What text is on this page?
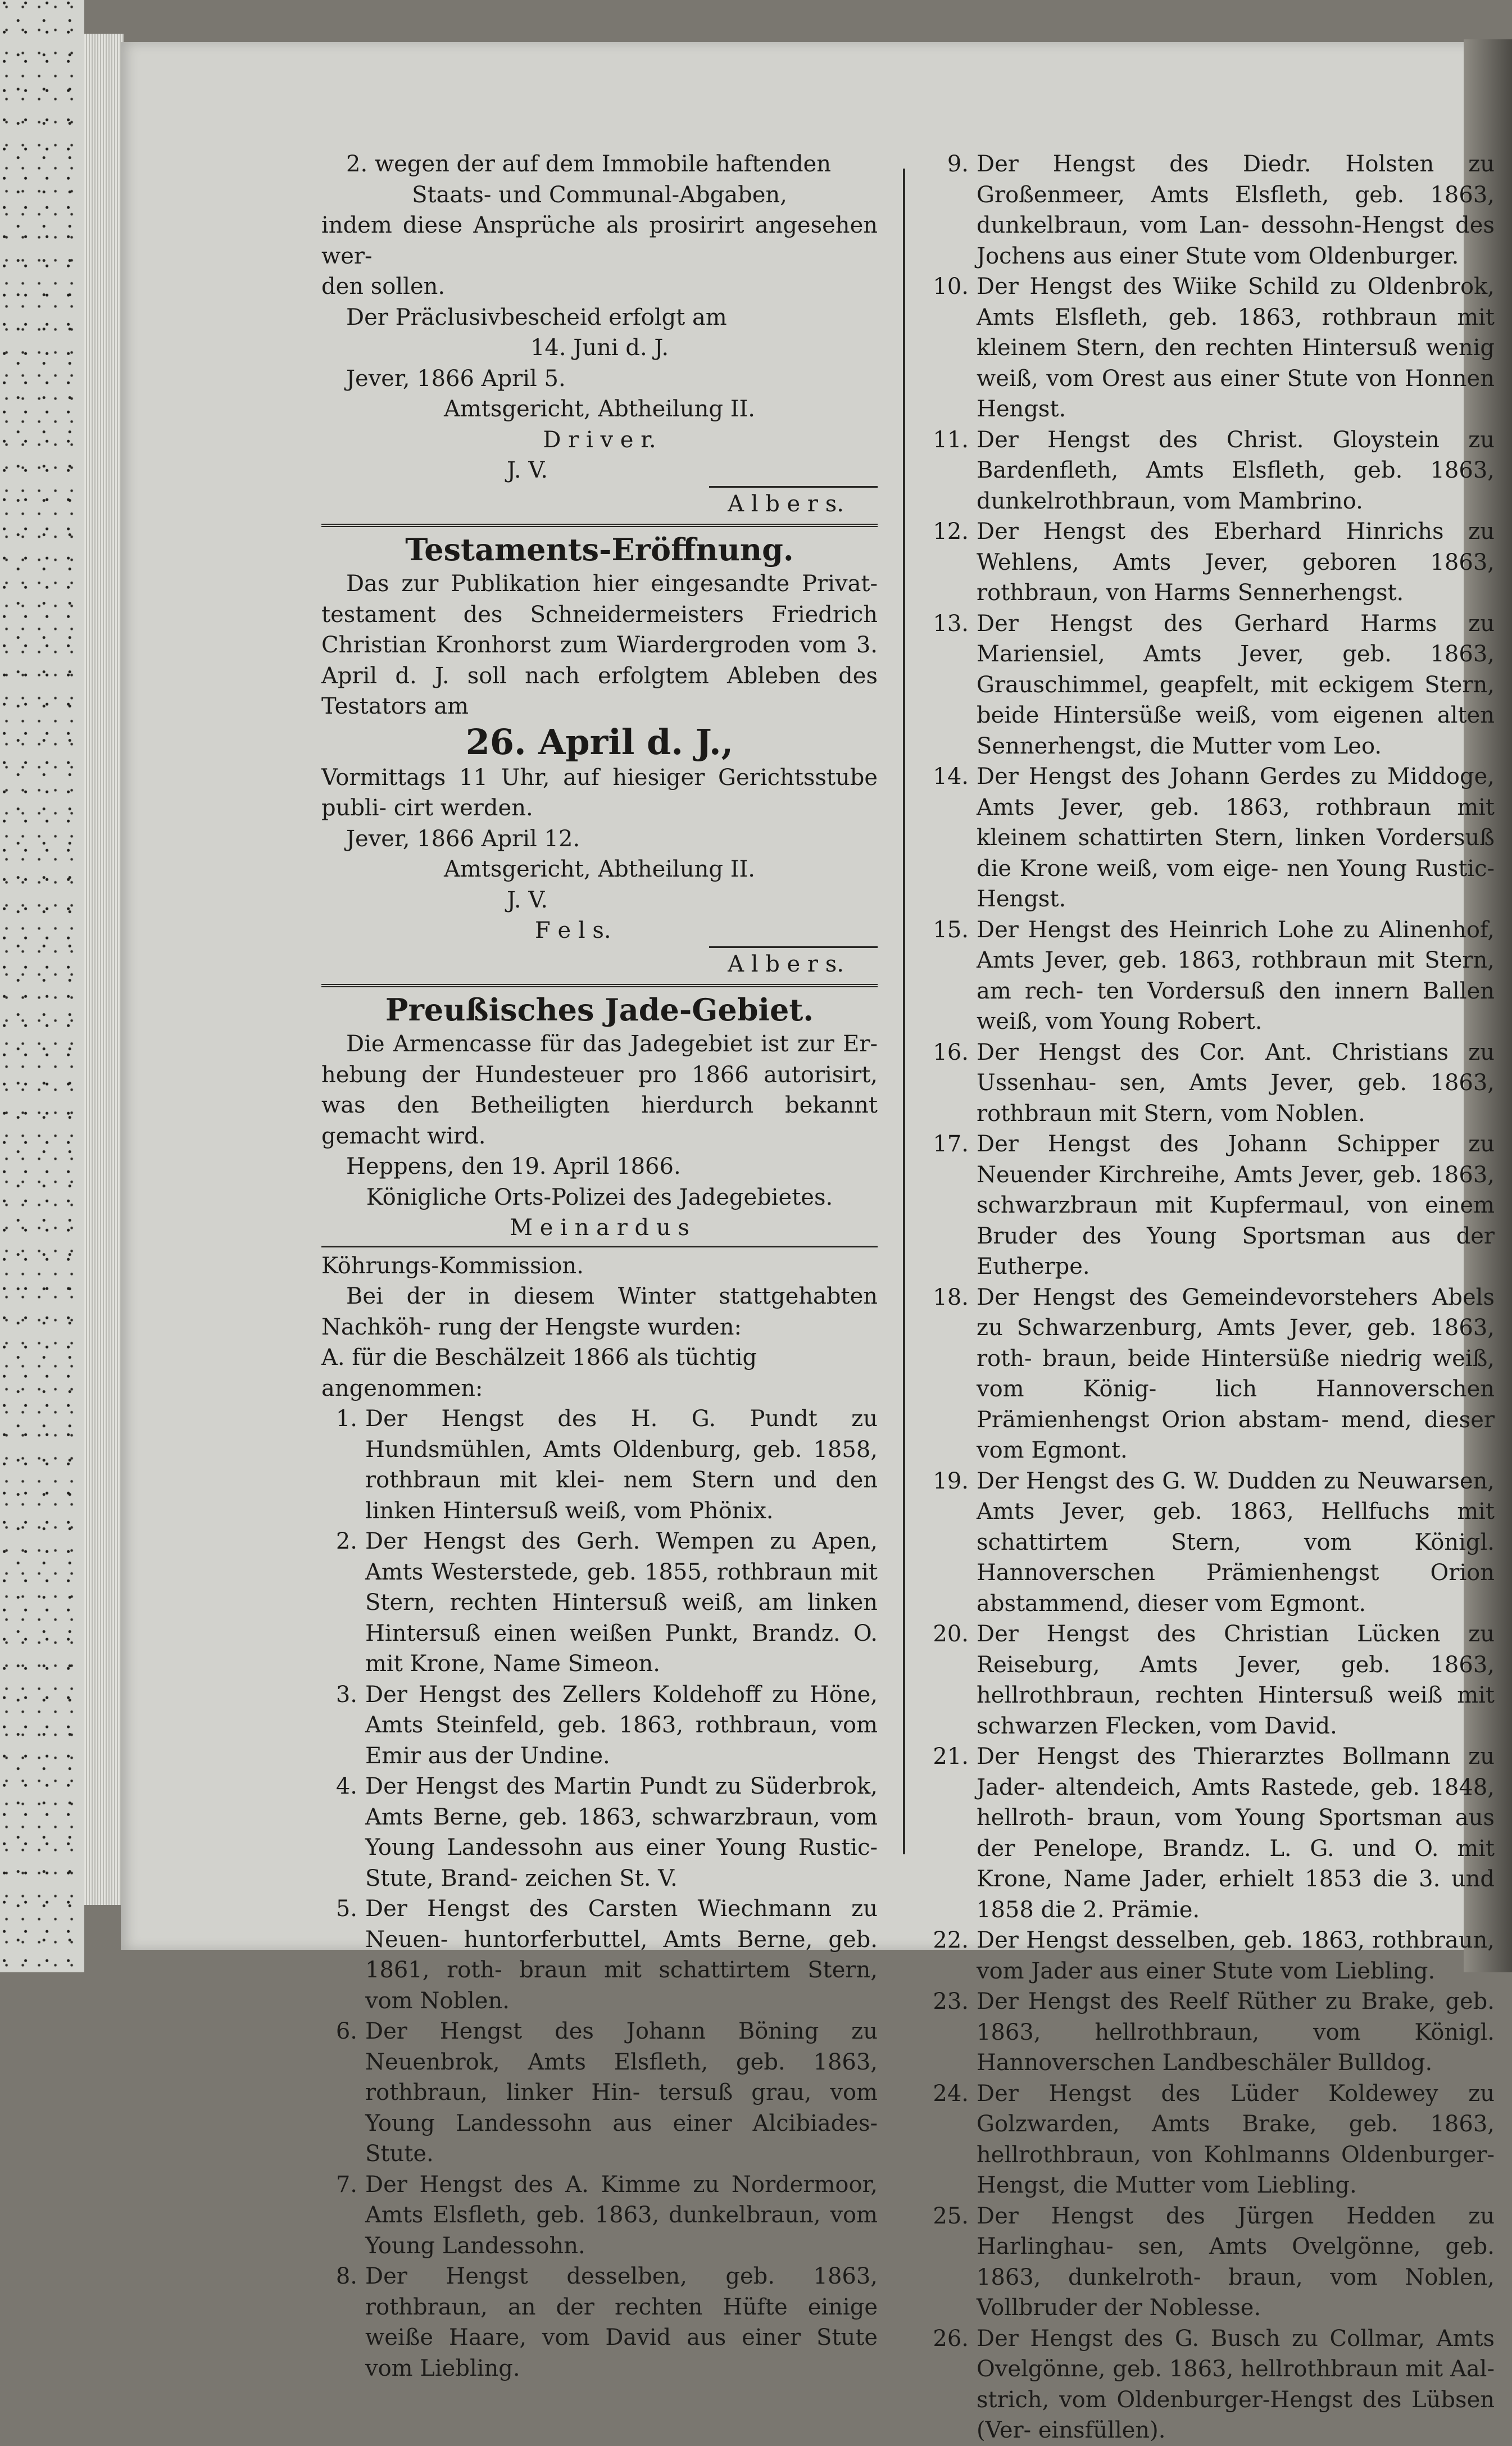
2. wegen der auf dem Immobile haftenden
Staats- und Communal-Abgaben,
indem diese Ansprüche als prosirirt angesehen wer-
den sollen.
Der Präclusivbescheid erfolgt am
14. Juni d. J.
Jever, 1866 April 5.
Amtsgericht, Abtheilung II.
D r i v e r.
J. V.
A l b e r s.
Testaments-Eröffnung.
Das zur Publikation hier eingesandte Privat- testament des Schneidermeisters Friedrich Christian Kronhorst zum Wiardergroden vom 3. April d. J. soll nach erfolgtem Ableben des Testators am
26. April d. J.,
Vormittags 11 Uhr, auf hiesiger Gerichtsstube publi- cirt werden.
Jever, 1866 April 12.
Amtsgericht, Abtheilung II.
J. V.
F e l s.
A l b e r s.
Preußisches Jade-Gebiet.
Die Armencasse für das Jadegebiet ist zur Er- hebung der Hundesteuer pro 1866 autorisirt, was den Betheiligten hierdurch bekannt gemacht wird.
Heppens, den 19. April 1866.
Königliche Orts-Polizei des Jadegebietes.
M e i n a r d u s
Köhrungs-Kommission.
Bei der in diesem Winter stattgehabten Nachköh- rung der Hengste wurden:
A. für die Beschälzeit 1866 als tüchtig angenommen:
1. Der Hengst des H. G. Pundt zu Hundsmühlen, Amts Oldenburg, geb. 1858, rothbraun mit klei- nem Stern und den linken Hintersuß weiß, vom Phönix.
2. Der Hengst des Gerh. Wempen zu Apen, Amts Westerstede, geb. 1855, rothbraun mit Stern, rechten Hintersuß weiß, am linken Hintersuß einen weißen Punkt, Brandz. O. mit Krone, Name Simeon.
3. Der Hengst des Zellers Koldehoff zu Höne, Amts Steinfeld, geb. 1863, rothbraun, vom Emir aus der Undine.
4. Der Hengst des Martin Pundt zu Süderbrok, Amts Berne, geb. 1863, schwarzbraun, vom Young Landessohn aus einer Young Rustic-Stute, Brand- zeichen St. V.
5. Der Hengst des Carsten Wiechmann zu Neuen- huntorferbuttel, Amts Berne, geb. 1861, roth- braun mit schattirtem Stern, vom Noblen.
6. Der Hengst des Johann Böning zu Neuenbrok, Amts Elsfleth, geb. 1863, rothbraun, linker Hin- tersuß grau, vom Young Landessohn aus einer Alcibiades-Stute.
7. Der Hengst des A. Kimme zu Nordermoor, Amts Elsfleth, geb. 1863, dunkelbraun, vom Young Landessohn.
8. Der Hengst desselben, geb. 1863, rothbraun, an der rechten Hüfte einige weiße Haare, vom David aus einer Stute vom Liebling.
9. Der Hengst des Diedr. Holsten zu Großenmeer, Amts Elsfleth, geb. 1863, dunkelbraun, vom Lan- dessohn-Hengst des Jochens aus einer Stute vom Oldenburger.
10. Der Hengst des Wiike Schild zu Oldenbrok, Amts Elsfleth, geb. 1863, rothbraun mit kleinem Stern, den rechten Hintersuß wenig weiß, vom Orest aus einer Stute von Honnen Hengst.
11. Der Hengst des Christ. Gloystein zu Bardenfleth, Amts Elsfleth, geb. 1863, dunkelrothbraun, vom Mambrino.
12. Der Hengst des Eberhard Hinrichs zu Wehlens, Amts Jever, geboren 1863, rothbraun, von Harms Sennerhengst.
13. Der Hengst des Gerhard Harms zu Mariensiel, Amts Jever, geb. 1863, Grauschimmel, geapfelt, mit eckigem Stern, beide Hintersüße weiß, vom eigenen alten Sennerhengst, die Mutter vom Leo.
14. Der Hengst des Johann Gerdes zu Middoge, Amts Jever, geb. 1863, rothbraun mit kleinem schattirten Stern, linken Vordersuß die Krone weiß, vom eige- nen Young Rustic-Hengst.
15. Der Hengst des Heinrich Lohe zu Alinenhof, Amts Jever, geb. 1863, rothbraun mit Stern, am rech- ten Vordersuß den innern Ballen weiß, vom Young Robert.
16. Der Hengst des Cor. Ant. Christians zu Ussenhau- sen, Amts Jever, geb. 1863, rothbraun mit Stern, vom Noblen.
17. Der Hengst des Johann Schipper zu Neuender Kirchreihe, Amts Jever, geb. 1863, schwarzbraun mit Kupfermaul, von einem Bruder des Young Sportsman aus der Eutherpe.
18. Der Hengst des Gemeindevorstehers Abels zu Schwarzenburg, Amts Jever, geb. 1863, roth- braun, beide Hintersüße niedrig weiß, vom König- lich Hannoverschen Prämienhengst Orion abstam- mend, dieser vom Egmont.
19. Der Hengst des G. W. Dudden zu Neuwarsen, Amts Jever, geb. 1863, Hellfuchs mit schattirtem Stern, vom Königl. Hannoverschen Prämienhengst Orion abstammend, dieser vom Egmont.
20. Der Hengst des Christian Lücken zu Reiseburg, Amts Jever, geb. 1863, hellrothbraun, rechten Hintersuß weiß mit schwarzen Flecken, vom David.
21. Der Hengst des Thierarztes Bollmann zu Jader- altendeich, Amts Rastede, geb. 1848, hellroth- braun, vom Young Sportsman aus der Penelope, Brandz. L. G. und O. mit Krone, Name Jader, erhielt 1853 die 3. und 1858 die 2. Prämie.
22. Der Hengst desselben, geb. 1863, rothbraun, vom Jader aus einer Stute vom Liebling.
23. Der Hengst des Reelf Rüther zu Brake, geb. 1863, hellrothbraun, vom Königl. Hannoverschen Landbeschäler Bulldog.
24. Der Hengst des Lüder Koldewey zu Golzwarden, Amts Brake, geb. 1863, hellrothbraun, von Kohlmanns Oldenburger-Hengst, die Mutter vom Liebling.
25. Der Hengst des Jürgen Hedden zu Harlinghau- sen, Amts Ovelgönne, geb. 1863, dunkelroth- braun, vom Noblen, Vollbruder der Noblesse.
26. Der Hengst des G. Busch zu Collmar, Amts Ovelgönne, geb. 1863, hellrothbraun mit Aal- strich, vom Oldenburger-Hengst des Lübsen (Ver- einsfüllen).
